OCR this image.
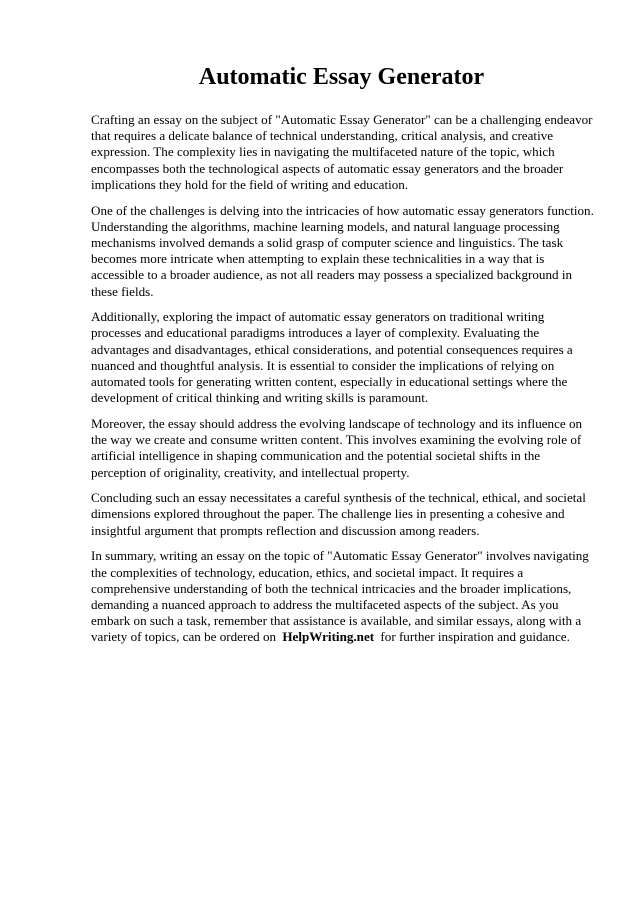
Automatic Essay Generator

Crafting an essay on the subject of "Automatic Essay Generator" can be a challenging endeavor that requires a delicate balance of technical understanding, critical analysis, and creative expression. The complexity lies in navigating the multifaceted nature of the topic, which encompasses both the technological aspects of automatic essay generators and the broader implications they hold for the field of writing and education.

One of the challenges is delving into the intricacies of how automatic essay generators function. Understanding the algorithms, machine learning models, and natural language processing mechanisms involved demands a solid grasp of computer science and linguistics. The task becomes more intricate when attempting to explain these technicalities in a way that is accessible to a broader audience, as not all readers may possess a specialized background in these fields.

Additionally, exploring the impact of automatic essay generators on traditional writing processes and educational paradigms introduces a layer of complexity. Evaluating the advantages and disadvantages, ethical considerations, and potential consequences requires a nuanced and thoughtful analysis. It is essential to consider the implications of relying on automated tools for generating written content, especially in educational settings where the development of critical thinking and writing skills is paramount.

Moreover, the essay should address the evolving landscape of technology and its influence on the way we create and consume written content. This involves examining the evolving role of artificial intelligence in shaping communication and the potential societal shifts in the perception of originality, creativity, and intellectual property.

Concluding such an essay necessitates a careful synthesis of the technical, ethical, and societal dimensions explored throughout the paper. The challenge lies in presenting a cohesive and insightful argument that prompts reflection and discussion among readers.

In summary, writing an essay on the topic of "Automatic Essay Generator" involves navigating the complexities of technology, education, ethics, and societal impact. It requires a comprehensive understanding of both the technical intricacies and the broader implications, demanding a nuanced approach to address the multifaceted aspects of the subject. As you embark on such a task, remember that assistance is available, and similar essays, along with a variety of topics, can be ordered on HelpWriting.net for further inspiration and guidance.
